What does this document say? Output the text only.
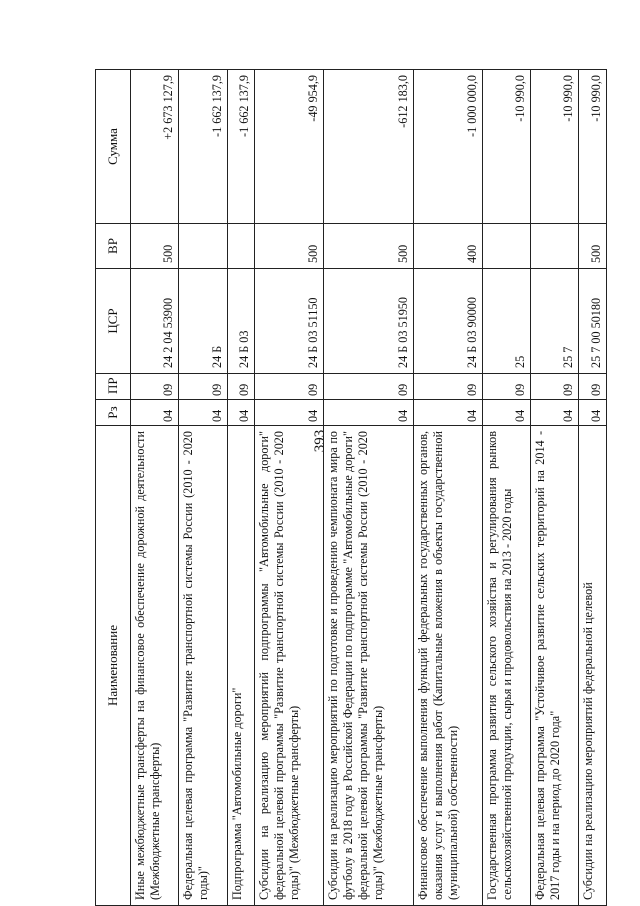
393
Наименование	Рз	ПР	ЦСР	ВР	Сумма
Иные межбюджетные трансферты на финансовое обеспечение дорожной деятельности (Межбюджетные трансферты)	04	09	24 2 04 53900	500	+2 673 127,9
Федеральная целевая программа "Развитие транспортной системы России (2010 - 2020 годы)"	04	09	24 Б		-1 662 137,9
Подпрограмма "Автомобильные дороги"	04	09	24 Б 03		-1 662 137,9
Субсидии на реализацию мероприятий подпрограммы "Автомобильные дороги" федеральной целевой программы "Развитие транспортной системы России (2010 - 2020 годы)" (Межбюджетные трансферты)	04	09	24 Б 03 51150	500	-49 954,9
Субсидии на реализацию мероприятий по подготовке и проведению чемпионата мира по футболу в 2018 году в Российской Федерации по подпрограмме "Автомобильные дороги" федеральной целевой программы "Развитие транспортной системы России (2010 - 2020 годы)" (Межбюджетные трансферты)	04	09	24 Б 03 51950	500	-612 183,0
Финансовое обеспечение выполнения функций федеральных государственных органов, оказания услуг и выполнения работ (Капитальные вложения в объекты государственной (муниципальной) собственности)	04	09	24 Б 03 90000	400	-1 000 000,0
Государственная программа развития сельского хозяйства и регулирования рынков сельскохозяйственной продукции, сырья и продовольствия на 2013 - 2020 годы	04	09	25		-10 990,0
Федеральная целевая программа "Устойчивое развитие сельских территорий на 2014 - 2017 годы и на период до 2020 года"	04	09	25 7		-10 990,0
Субсидии на реализацию мероприятий федеральной целевой	04	09	25 7 00 50180	500	-10 990,0
